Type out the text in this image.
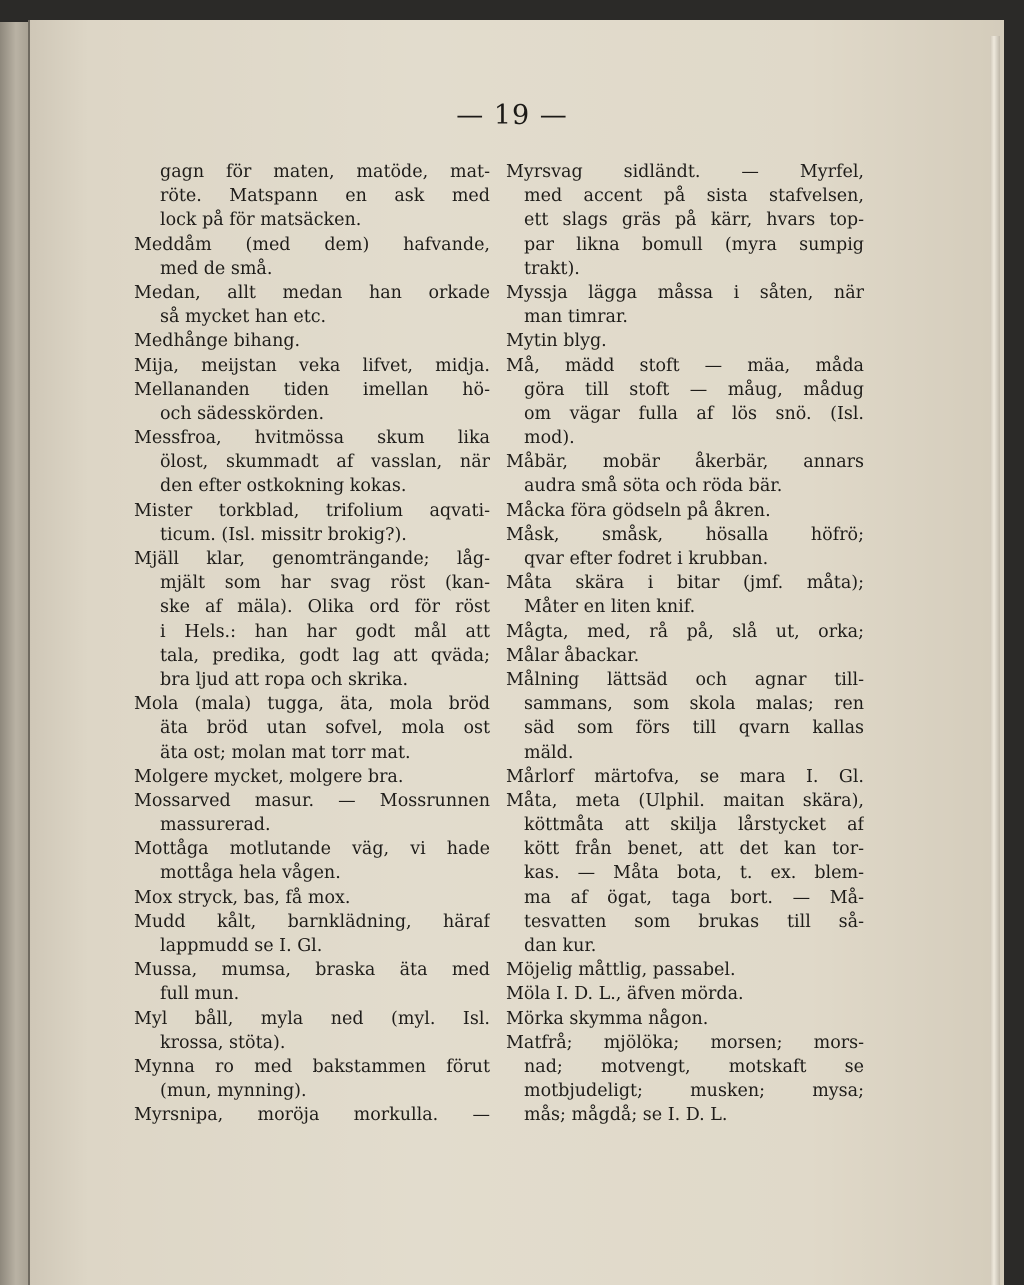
— 19 —
gagn för maten, matöde, mat-
röte. Matspann en ask med
lock på för matsäcken.
Meddåm (med dem) hafvande,
med de små.
Medan, allt medan han orkade
så mycket han etc.
Medhånge bihang.
Mija, meijstan veka lifvet, midja.
Mellananden tiden imellan hö-
och sädesskörden.
Messfroa, hvitmössa skum lika
ölost, skummadt af vasslan, när
den efter ostkokning kokas.
Mister torkblad, trifolium aqvati-
ticum. (Isl. missitr brokig?).
Mjäll klar, genomträngande; låg-
mjält som har svag röst (kan-
ske af mäla). Olika ord för röst
i Hels.: han har godt mål att
tala, predika, godt lag att qväda;
bra ljud att ropa och skrika.
Mola (mala) tugga, äta, mola bröd
äta bröd utan sofvel, mola ost
äta ost; molan mat torr mat.
Molgere mycket, molgere bra.
Mossarved masur. — Mossrunnen
massurerad.
Mottåga motlutande väg, vi hade
mottåga hela vågen.
Mox stryck, bas, få mox.
Mudd kålt, barnklädning, häraf
lappmudd se I. Gl.
Mussa, mumsa, braska äta med
full mun.
Myl båll, myla ned (myl. Isl.
krossa, stöta).
Mynna ro med bakstammen förut
(mun, mynning).
Myrsnipa, moröja morkulla. —
Myrsvag sidländt. — Myrfel,
med accent på sista stafvelsen,
ett slags gräs på kärr, hvars top-
par likna bomull (myra sumpig
trakt).
Myssja lägga måssa i såten, när
man timrar.
Mytin blyg.
Må, mädd stoft — mäa, måda
göra till stoft — måug, mådug
om vägar fulla af lös snö. (Isl.
mod).
Måbär, mobär åkerbär, annars
audra små söta och röda bär.
Måcka föra gödseln på åkren.
Måsk, småsk, hösalla höfrö;
qvar efter fodret i krubban.
Måta skära i bitar (jmf. måta);
Måter en liten knif.
Mågta, med, rå på, slå ut, orka;
Målar åbackar.
Målning lättsäd och agnar till-
sammans, som skola malas; ren
säd som förs till qvarn kallas
mäld.
Mårlorf märtofva, se mara I. Gl.
Måta, meta (Ulphil. maitan skära),
köttmåta att skilja lårstycket af
kött från benet, att det kan tor-
kas. — Måta bota, t. ex. blem-
ma af ögat, taga bort. — Må-
tesvatten som brukas till så-
dan kur.
Möjelig måttlig, passabel.
Möla I. D. L., äfven mörda.
Mörka skymma någon.
Matfrå; mjölöka; morsen; mors-
nad; motvengt, motskaft se
motbjudeligt; musken; mysa;
mås; mågdå; se I. D. L.
